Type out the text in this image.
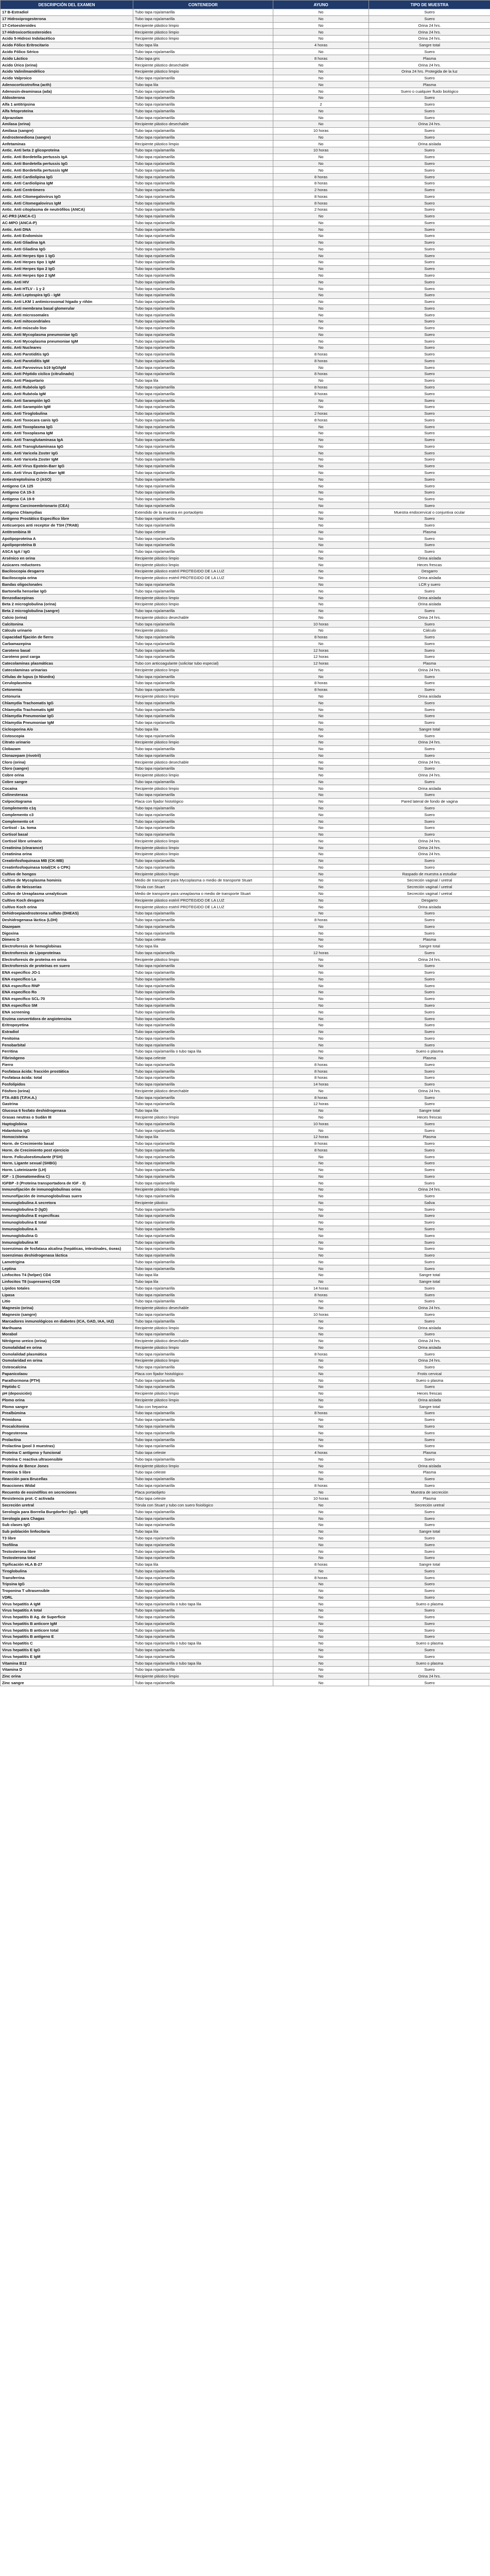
DESCRIPCIÓN DEL EXAMEN	CONTENEDOR	AYUNO	TIPO DE MUESTRA
17 B-Estradiol	Tubo tapa roja/amarilla	No	Suero
17 Hidroxiprogesterona	Tubo tapa roja/amarilla	No	Suero
17-Cetoesteroides	Recipiente plástico limpio	No	Orina 24 hrs.
17-Hidroxicorticosteroides	Recipiente plástico limpio	No	Orina 24 hrs.
Acido 5-Hidroxi Indolacético	Recipiente plástico limpio	No	Orina 24 hrs.
Acido Fólico Eritrocitario	Tubo tapa lila	4 horas	Sangre total
Acido Fólico Sérico	Tubo tapa roja/amarilla	No	Suero
Acido Láctico	Tubo tapa gris	8 horas	Plasma
Acido Úrico (orina)	Recipiente plástico desechable	No	Orina 24 hrs.
Acido Valinilmandélico	Recipiente plástico limpio	No	Orina 24 hrs. Protegida de la luz
Acido Valproico	Tubo tapa roja/amarilla	No	Suero
Adenocorticotrofina (acth)	Tubo tapa lila	No	Plasma
Adenosin-deaminasa (ada)	Tubo tapa roja/amarilla	No	Suero o cualquier fluido biológico
Aldosterona	Tubo tapa roja/amarilla	No	Suero
Alfa 1 antitripsina	Tubo tapa roja/amarilla	2	Suero
Alfa fetoproteína	Tubo tapa roja/amarilla	No	Suero
Alprazolam	Tubo tapa roja/amarilla	No	Suero
Amilasa (orina)	Recipiente plástico desechable	No	Orina 24 hrs.
Amilasa (sangre)	Tubo tapa roja/amarilla	10 horas	Suero
Androstenediona (sangre)	Tubo tapa roja/amarilla	No	Suero
Anfetaminas	Recipiente plástico limpio	No	Orina aislada
Antic. Anti beta 2 glicoproteína	Tubo tapa roja/amarilla	10 horas	Suero
Antic. Anti Bordetella pertussis IgA	Tubo tapa roja/amarilla	No	Suero
Antic. Anti Bordetella pertussis IgG	Tubo tapa roja/amarilla	No	Suero
Antic. Anti Bordetella pertussis IgM	Tubo tapa roja/amarilla	No	Suero
Antic. Anti Cardiolipina IgG	Tubo tapa roja/amarilla	8 horas	Suero
Antic. Anti Cardiolipina IgM	Tubo tapa roja/amarilla	8 horas	Suero
Antic. Anti Centrómero	Tubo tapa roja/amarilla	2 horas	Suero
Antic. Anti Citomegalovirus IgG	Tubo tapa roja/amarilla	8 horas	Suero
Antic. Anti Citomegalovirus IgM	Tubo tapa roja/amarilla	8 horas	Suero
Antic. Anti citoplasma de neutrófilos (ANCA)	Tubo tapa roja/amarilla	2 horas	Suero
AC-PR3 (ANCA-C)	Tubo tapa roja/amarilla	No	Suero
AC-MPO (ANCA-P)	Tubo tapa roja/amarilla	No	Suero
Antic. Anti DNA	Tubo tapa roja/amarilla	No	Suero
Antic. Anti Endomisio	Tubo tapa roja/amarilla	No	Suero
Antic. Anti Gliadina IgA	Tubo tapa roja/amarilla	No	Suero
Antic. Anti Gliadina IgG	Tubo tapa roja/amarilla	No	Suero
Antic. Anti Herpes tipo 1 IgG	Tubo tapa roja/amarilla	No	Suero
Antic. Anti Herpes tipo 1 IgM	Tubo tapa roja/amarilla	No	Suero
Antic. Anti Herpes tipo 2 IgG	Tubo tapa roja/amarilla	No	Suero
Antic. Anti Herpes tipo 2 IgM	Tubo tapa roja/amarilla	No	Suero
Antic. Anti HIV	Tubo tapa roja/amarilla	No	Suero
Antic. Anti HTLV - 1 y 2	Tubo tapa roja/amarilla	No	Suero
Antic. Anti Leptospira IgG - IgM	Tubo tapa roja/amarilla	No	Suero
Antic. Anti LKM 1 antimicrosomal hígado y riñón	Tubo tapa roja/amarilla	No	Suero
Antic. Anti membrana basal glomerular	Tubo tapa roja/amarilla	No	Suero
Antic. Anti microsomales	Tubo tapa roja/amarilla	No	Suero
Antic. Anti mitocondriales	Tubo tapa roja/amarilla	No	Suero
Antic. Anti músculo liso	Tubo tapa roja/amarilla	No	Suero
Antic. Anti Mycoplasma pneumoniae IgG	Tubo tapa roja/amarilla	No	Suero
Antic. Anti Mycoplasma pneumoniae IgM	Tubo tapa roja/amarilla	No	Suero
Antic. Anti Nucleares	Tubo tapa roja/amarilla	No	Suero
Antic. Anti Parotiditis IgG	Tubo tapa roja/amarilla	8 horas	Suero
Antic. Anti Parotiditis IgM	Tubo tapa roja/amarilla	8 horas	Suero
Antic. Anti Parvovirus b19 IgG/IgM	Tubo tapa roja/amarilla	No	Suero
Antic. Anti Péptido cíclico (citrulinado)	Tubo tapa roja/amarilla	8 horas	Suero
Antic. Anti Plaquetario	Tubo tapa lila	No	Suero
Antic. Anti Rubéola IgG	Tubo tapa roja/amarilla	8 horas	Suero
Antic. Anti Rubéola IgM	Tubo tapa roja/amarilla	8 horas	Suero
Antic. Anti Sarampión IgG	Tubo tapa roja/amarilla	No	Suero
Antic. Anti Sarampión IgM	Tubo tapa roja/amarilla	No	Suero
Antic. Anti Tiroglobulina	Tubo tapa roja/amarilla	2 horas	Suero
Antic. Anti Toxocara canis IgG	Tubo tapa roja/amarilla	8 horas	Suero
Antic. Anti Toxoplasma IgG	Tubo tapa roja/amarilla	No	Suero
Antic. Anti Toxoplasma IgM	Tubo tapa roja/amarilla	No	Suero
Antic. Anti Transglutaminasa IgA	Tubo tapa roja/amarilla	No	Suero
Antic. Anti Transglutaminasa IgG	Tubo tapa roja/amarilla	No	Suero
Antic. Anti Varicela Zoster IgG	Tubo tapa roja/amarilla	No	Suero
Antic. Anti Varicela Zoster IgM	Tubo tapa roja/amarilla	No	Suero
Antic. Anti Virus Epstein-Barr IgG	Tubo tapa roja/amarilla	No	Suero
Antic. Anti Virus Epstein-Barr IgM	Tubo tapa roja/amarilla	No	Suero
Antiestreptolisina O (ASO)	Tubo tapa roja/amarilla	No	Suero
Antígeno CA 125	Tubo tapa roja/amarilla	No	Suero
Antígeno CA 15-3	Tubo tapa roja/amarilla	No	Suero
Antígeno CA 19-9	Tubo tapa roja/amarilla	No	Suero
Antígeno Carcinoembrionario (CEA)	Tubo tapa roja/amarilla	No	Suero
Antígeno Chlamydias	Extendido de la muestra en portaobjeto	No	Muestra endocervical o conjuntiva ocular
Antígeno Prostático Específico libre	Tubo tapa roja/amarilla	No	Suero
Anticuerpos anti receptor de TSH (TRAB)	Tubo tapa roja/amarilla	No	Suero
Antitrombina III	Tubo tapa celeste	No	Plasma
Apolipoproteína A	Tubo tapa roja/amarilla	No	Suero
Apolipoproteína B	Tubo tapa roja/amarilla	No	Suero
ASCA IgA / IgG	Tubo tapa roja/amarilla	No	Suero
Arsénico en orina	Recipiente plástico limpio	No	Orina aislada
Azúcares reductores	Recipiente plástico limpio	No	Heces frescas
Baciloscopia desgarro	Recipiente plástico estéril PROTEGIDO DE LA LUZ	No	Desgarro
Baciloscopia orina	Recipiente plástico estéril PROTEGIDO DE LA LUZ	No	Orina aislada
Bandas oligoclonales	Tubo tapa roja/amarilla	No	LCR y suero
Bartonella henselae IgG	Tubo tapa roja/amarilla	No	Suero
Benzodiacepinas	Recipiente plástico limpio	No	Orina aislada
Beta 2 microglobulina (orina)	Recipiente plástico limpio	No	Orina aislada
Beta 2 microglobulina (sangre)	Tubo tapa roja/amarilla	No	Suero
Calcio (orina)	Recipiente plástico desechable	No	Orina 24 hrs.
Calcitonina	Tubo tapa roja/amarilla	10 horas	Suero
Cálculo urinario	Recipiente plástico	No	Cálculo
Capacidad fijación de fierro	Tubo tapa roja/amarilla	8 horas	Suero
Carbamazepina	Tubo tapa roja/amarilla	No	Suero
Caroteno basal	Tubo tapa roja/amarilla	12 horas	Suero
Caroteno post carga	Tubo tapa roja/amarilla	12 horas	Suero
Catecolaminas plasmáticas	Tubo con anticoagulante (solicitar tubo especial)	12 horas	Plasma
Catecolaminas urinarias	Recipiente plástico limpio	No	Orina 24 hrs.
Células de lupus (o Nisedra)	Tubo tapa roja/amarilla	No	Suero
Ceruloplasmina	Tubo tapa roja/amarilla	8 horas	Suero
Cetonemia	Tubo tapa roja/amarilla	8 horas	Suero
Cetonuria	Recipiente plástico limpio	No	Orina aislada
Chlamydia Trachomatis IgG	Tubo tapa roja/amarilla	No	Suero
Chlamydia Trachomatis IgM	Tubo tapa roja/amarilla	No	Suero
Chlamydia Pneumoniae IgG	Tubo tapa roja/amarilla	No	Suero
Chlamydia Pneumoniae IgM	Tubo tapa roja/amarilla	No	Suero
Ciclosporina A/o	Tubo tapa lila	No	Sangre total
Cistoscopia	Tubo tapa roja/amarilla	No	Suero
Citrato urinario	Recipiente plástico limpio	No	Orina 24 hrs.
Clobazam	Tubo tapa roja/amarilla	No	Suero
Clonazepam (rivotril)	Tubo tapa roja/amarilla	No	Suero
Cloro (orina)	Recipiente plástico desechable	No	Orina 24 hrs.
Cloro (sangre)	Tubo tapa roja/amarilla	No	Suero
Cobre orina	Recipiente plástico limpio	No	Orina 24 hrs.
Cobre sangre	Tubo tapa roja/amarilla	No	Suero
Cocaína	Recipiente plástico limpio	No	Orina aislada
Colinesterasa	Tubo tapa roja/amarilla	No	Suero
Colpocitograma	Placa con fijador histológico	No	Pared lateral de fondo de vagina
Complemento c1q	Tubo tapa roja/amarilla	No	Suero
Complemento c3	Tubo tapa roja/amarilla	No	Suero
Complemento c4	Tubo tapa roja/amarilla	No	Suero
Cortisol - 1a. toma	Tubo tapa roja/amarilla	No	Suero
Cortisol basal	Tubo tapa roja/amarilla	No	Suero
Cortisol libre urinario	Recipiente plástico limpio	No	Orina 24 hrs.
Creatinina (clearance)	Recipiente plástico limpio	No	Orina 24 hrs.
Creatinina orina	Recipiente plástico limpio	No	Orina 24 hrs.
Creatinfosfoquinasa MB (CK-MB)	Tubo tapa roja/amarilla	No	Suero
Creatinfosfoquinasa total(CK o CPK)	Tubo tapa roja/amarilla	No	Suero
Cultivo de hongos	Recipiente plástico limpio	No	Raspado de muestra a estudiar
Cultivo de Mycoplasma hominis	Medio de transporte para Mycoplasma o medio de transporte Stuart	No	Secreción vaginal / uretral
Cultivo de Neisserias	Tórula con Stuart	No	Secreción vaginal / uretral
Cultivo de Ureaplasma urealyticum	Medio de transporte para ureaplasma o medio de transporte Stuart	No	Secreción vaginal / uretral
Cultivo Koch desgarro	Recipiente plástico estéril PROTEGIDO DE LA LUZ	No	Desgarro
Cultivo Koch orina	Recipiente plástico estéril PROTEGIDO DE LA LUZ	No	Orina aislada
Dehidroepiandrosterona sulfato (DHEAS)	Tubo tapa roja/amarilla	No	Suero
Deshidrogenasa láctica (LDH)	Tubo tapa roja/amarilla	8 horas	Suero
Diazepam	Tubo tapa roja/amarilla	No	Suero
Digoxina	Tubo tapa roja/amarilla	No	Suero
Dímero D	Tubo tapa celeste	No	Plasma
Electroforesis de hemoglobinas	Tubo tapa lila	No	Sangre total
Electroforesis de Lipoproteínas	Tubo tapa roja/amarilla	12 horas	Suero
Electroforesis de proteína en orina	Recipiente plástico limpio	No	Orina 24 hrs.
Electroforesis de proteínas en suero	Tubo tapa roja/amarilla	No	Suero
ENA específico JO-1	Tubo tapa roja/amarilla	No	Suero
ENA específico La	Tubo tapa roja/amarilla	No	Suero
ENA específico RNP	Tubo tapa roja/amarilla	No	Suero
ENA específico Ro	Tubo tapa roja/amarilla	No	Suero
ENA específico SCL-70	Tubo tapa roja/amarilla	No	Suero
ENA específico SM	Tubo tapa roja/amarilla	No	Suero
ENA screening	Tubo tapa roja/amarilla	No	Suero
Enzima convertidora de angiotensina	Tubo tapa roja/amarilla	No	Suero
Eritropoyetina	Tubo tapa roja/amarilla	No	Suero
Estradiol	Tubo tapa roja/amarilla	No	Suero
Fenitoína	Tubo tapa roja/amarilla	No	Suero
Fenobarbital	Tubo tapa roja/amarilla	No	Suero
Ferritina	Tubo tapa roja/amarilla o tubo tapa lila	No	Suero o plasma
Fibrinógeno	Tubo tapa celeste	No	Plasma
Fierro	Tubo tapa roja/amarilla	8 horas	Suero
Fosfatasa ácida: fracción prostática	Tubo tapa roja/amarilla	8 horas	Suero
Fosfatasa ácida: total	Tubo tapa roja/amarilla	8 horas	Suero
Fosfolípidos	Tubo tapa roja/amarilla	14 horas	Suero
Fósforo (orina)	Recipiente plástico desechable	No	Orina 24 hrs.
FTA-ABS (T.P.H.A.)	Tubo tapa roja/amarilla	8 horas	Suero
Gastrina	Tubo tapa roja/amarilla	12 horas	Suero
Glucosa 6 fosfato deshidrogenasa	Tubo tapa lila	No	Sangre total
Grasas neutras o Sudán III	Recipiente plástico limpio	No	Heces frescas
Haptoglobina	Tubo tapa roja/amarilla	10 horas	Suero
Hidantoína IgG	Tubo tapa roja/amarilla	No	Suero
Homocisteína	Tubo tapa lila	12 horas	Plasma
Horm. de Crecimiento basal	Tubo tapa roja/amarilla	8 horas	Suero
Horm. de Crecimiento post ejercicio	Tubo tapa roja/amarilla	8 horas	Suero
Horm. Foliculoestimulante (FSH)	Tubo tapa roja/amarilla	No	Suero
Horm. Ligante sexual (SHBG)	Tubo tapa roja/amarilla	No	Suero
Horm. Luteinizante (LH)	Tubo tapa roja/amarilla	No	Suero
IGF - 1 (Somatomedina C)	Tubo tapa roja/amarilla	No	Suero
IGFBP -3 (Proteína transportadora de IGF - 3)	Tubo tapa roja/amarilla	No	Suero
Inmunofijación de inmunoglobulinas orina	Recipiente plástico limpio	No	Orina 24 hrs.
Inmunofijación de inmunoglobulinas suero	Tubo tapa roja/amarilla	No	Suero
Inmunoglobulina A secretora	Recipiente plástico	No	Saliva
Inmunoglobulina D (IgD)	Tubo tapa roja/amarilla	No	Suero
Inmunoglobulina E específicas	Tubo tapa roja/amarilla	No	Suero
Inmunoglobulina E total	Tubo tapa roja/amarilla	No	Suero
Inmunoglobulina A	Tubo tapa roja/amarilla	No	Suero
Inmunoglobulina G	Tubo tapa roja/amarilla	No	Suero
Inmunoglobulina M	Tubo tapa roja/amarilla	No	Suero
Isoenzimas de fosfatasa alcalina (hepáticas, intestinales, óseas)	Tubo tapa roja/amarilla	No	Suero
Isoenzimas deshidrogenasa láctica	Tubo tapa roja/amarilla	No	Suero
Lamotrigina	Tubo tapa roja/amarilla	No	Suero
Leptina	Tubo tapa roja/amarilla	No	Suero
Linfocitos T4 (helper) CD4	Tubo tapa lila	No	Sangre total
Linfocitos T8 (supresores) CD8	Tubo tapa lila	No	Sangre total
Lípidos totales	Tubo tapa roja/amarilla	14 horas	Suero
Lipasa	Tubo tapa roja/amarilla	8 horas	Suero
Litio	Tubo tapa roja/amarilla	No	Suero
Magnesio (orina)	Recipiente plástico desechable	No	Orina 24 hrs.
Magnesio (sangre)	Tubo tapa roja/amarilla	10 horas	Suero
Marcadores inmunológicos en diabetes (ICA, GAD, IAA, IA2)	Tubo tapa roja/amarilla	No	Suero
Marihuana	Recipiente plástico limpio	No	Orina aislada
Morabol	Tubo tapa roja/amarilla	No	Suero
Nitrógeno ureico (orina)	Recipiente plástico desechable	No	Orina 24 hrs.
Osmolalidad en orina	Recipiente plástico limpio	No	Orina aislada
Osmolalidad plasmática	Tubo tapa roja/amarilla	8 horas	Suero
Osmolaridad en orina	Recipiente plástico limpio	No	Orina 24 hrs.
Osteocalcina	Tubo tapa roja/amarilla	No	Suero
Papanicolaou	Placa con fijador histológico	No	Frotis cervical
Parathormona (PTH)	Tubo tapa roja/amarilla	No	Suero o plasma
Péptido C	Tubo tapa roja/amarilla	No	Suero
pH (deposición)	Recipiente plástico limpio	No	Heces frescas
Plomo orina	Recipiente plástico limpio	No	Orina aislada
Plomo sangre	Tubo con heparina	No	Sangre total
Prealbúmina	Tubo tapa roja/amarilla	8 horas	Suero
Primidona	Tubo tapa roja/amarilla	No	Suero
Procalcitonina	Tubo tapa roja/amarilla	No	Suero
Progesterona	Tubo tapa roja/amarilla	No	Suero
Prolactina	Tubo tapa roja/amarilla	No	Suero
Prolactina (pool 3 muestras)	Tubo tapa roja/amarilla	No	Suero
Proteína C antígeno y funcional	Tubo tapa celeste	4 horas	Plasma
Proteína C reactiva ultrasensible	Tubo tapa roja/amarilla	No	Suero
Proteína de Bence Jones	Recipiente plástico limpio	No	Orina aislada
Proteína S libre	Tubo tapa celeste	No	Plasma
Reacción para Brucellas	Tubo tapa roja/amarilla	No	Suero
Reacciones Widal	Tubo tapa roja/amarilla	8 horas	Suero
Recuento de eosinófilos en secreciones	Placa portaobjeto	No	Muestra de secreción
Resistencia prot. C activada	Tubo tapa celeste	10 horas	Plasma
Secreción uretral	Tórula con Stuart y tubo con suero fisiológico	No	Secreción uretral
Serología para Borrelia Burgdorferi (IgG - IgM)	Tubo tapa roja/amarilla	No	Suero
Serología para Chagas	Tubo tapa roja/amarilla	No	Suero
Sub clases IgG	Tubo tapa roja/amarilla	No	Suero
Sub población linfocitaria	Tubo tapa lila	No	Sangre total
T3 libre	Tubo tapa roja/amarilla	No	Suero
Teofilina	Tubo tapa roja/amarilla	No	Suero
Testosterona libre	Tubo tapa roja/amarilla	No	Suero
Testosterona total	Tubo tapa roja/amarilla	No	Suero
Tipificación HLA B-27	Tubo tapa lila	8 horas	Sangre total
Tiroglobulina	Tubo tapa roja/amarilla	No	Suero
Transferrina	Tubo tapa roja/amarilla	8 horas	Suero
Tripsina IgG	Tubo tapa roja/amarilla	No	Suero
Troponina T ultrasensible	Tubo tapa roja/amarilla	No	Suero
VDRL	Tubo tapa roja/amarilla	No	Suero
Virus hepatitis A IgM	Tubo tapa roja/amarilla o tubo tapa lila	No	Suero o plasma
Virus hepatitis A total	Tubo tapa roja/amarilla	No	Suero
Virus hepatitis B Ag. de Superficie	Tubo tapa roja/amarilla	No	Suero
Virus hepatitis B anticore IgM	Tubo tapa roja/amarilla	No	Suero
Virus hepatitis B anticore total	Tubo tapa roja/amarilla	No	Suero
Virus hepatitis B antígeno E	Tubo tapa roja/amarilla	No	Suero
Virus hepatitis C	Tubo tapa roja/amarilla o tubo tapa lila	No	Suero o plasma
Virus hepatitis E IgG	Tubo tapa roja/amarilla	No	Suero
Virus hepatitis E IgM	Tubo tapa roja/amarilla	No	Suero
Vitamina B12	Tubo tapa roja/amarilla o tubo tapa lila	No	Suero o plasma
Vitamina D	Tubo tapa roja/amarilla	No	Suero
Zinc orina	Recipiente plástico limpio	No	Orina 24 hrs.
Zinc sangre	Tubo tapa roja/amarilla	No	Suero
